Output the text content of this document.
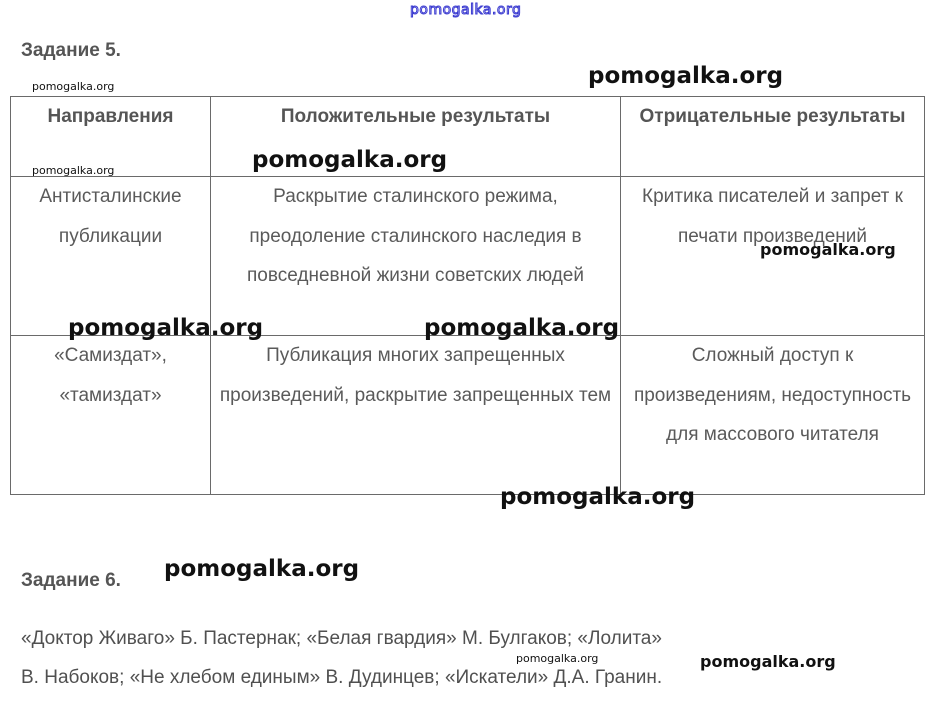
pomogalka.org
Задание 5.
Направления	Положительные результаты	Отрицательные результаты
Антисталинские публикации	Раскрытие сталинского режима, преодоление сталинского наследия в повседневной жизни советских людей	Критика писателей и запрет к печати произведений
«Самиздат», «тамиздат»	Публикация многих запрещенных произведений, раскрытие запрещенных тем	Сложный доступ к произведениям, недоступность для массового читателя
Задание 6.
«Доктор Живаго» Б. Пастернак; «Белая гвардия» М. Булгаков; «Лолита»
В. Набоков; «Не хлебом единым» В. Дудинцев; «Искатели» Д.А. Гранин.
pomogalka.org	pomogalka.org
pomogalka.org	pomogalka.org
pomogalka.org
pomogalka.org	pomogalka.org
pomogalka.org
pomogalka.org
pomogalka.org	pomogalka.org
